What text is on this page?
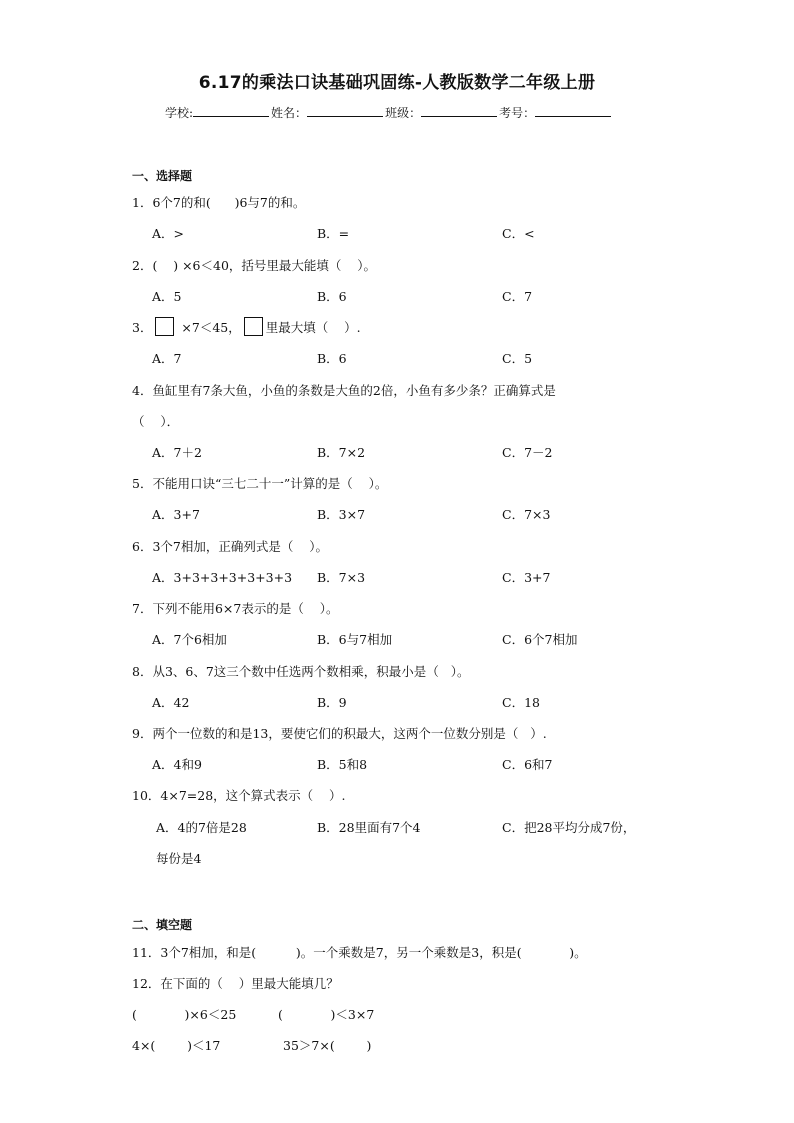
6.17的乘法口诀基础巩固练-人教版数学二年级上册
学校:	姓名：	班级：	考号：
一、选择题
1．6个7的和(      )6与7的和。
A．>	B．=	C．<
2．(    ) ×6＜40，括号里最大能填（    ）。
A．5	B．6	C．7
3． ×7＜45， 里最大填（    ）.
A．7	B．6	C．5
4．鱼缸里有7条大鱼，小鱼的条数是大鱼的2倍，小鱼有多少条？正确算式是
（    ）．
A．7＋2	B．7×2	C．7－2
5．不能用口诀“三七二十一”计算的是（    ）。
A．3+7	B．3×7	C．7×3
6．3个7相加，正确列式是（    ）。
A．3+3+3+3+3+3+3 B．7×3	C．3+7
7．下列不能用6×7表示的是（    ）。
A．7个6相加	B．6与7相加	C．6个7相加
8．从3、6、7这三个数中任选两个数相乘，积最小是（   ）。
A．42	B．9	C．18
9．两个一位数的和是13，要使它们的积最大，这两个一位数分别是（   ）.
A．4和9	B．5和8	C．6和7
10．4×7=28，这个算式表示（    ）.
A．4的7倍是28	B．28里面有7个4	C．把28平均分成7份，
每份是4
二、填空题
11．3个7相加，和是(          )。一个乘数是7，另一个乘数是3，积是(            )。
12．在下面的（    ）里最大能填几？
(            )×6＜25	(            )＜3×7
4×(        )＜17	35＞7×(        )
